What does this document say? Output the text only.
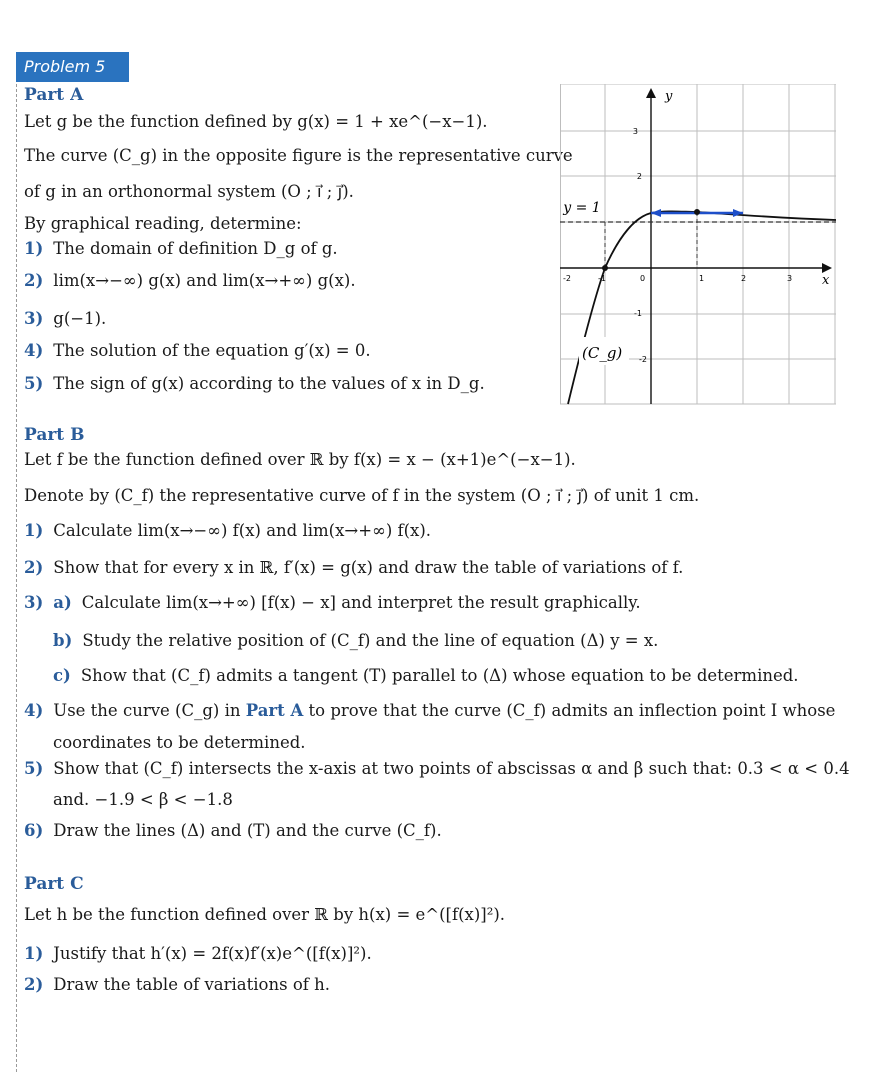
Problem 5
Part A
Let g be the function defined by g(x) = 1 + xe^(−x−1).
The curve (C_g) in the opposite figure is the representative curve
of g in an orthonormal system (O ; i⃗ ; j⃗).
By graphical reading, determine:
1) The domain of definition D_g of g.
2) lim(x→−∞) g(x) and lim(x→+∞) g(x).
3) g(−1).
4) The solution of the equation g′(x) = 0.
5) The sign of g(x) according to the values of x in D_g.
y = 1
y
x
3
2
-1
-2
-2	-1	0	1	2	3
(C_g)
Part B
Let f be the function defined over ℝ by f(x) = x − (x+1)e^(−x−1).
Denote by (C_f) the representative curve of f in the system (O ; i⃗ ; j⃗) of unit 1 cm.
1) Calculate lim(x→−∞) f(x) and lim(x→+∞) f(x).
2) Show that for every x in ℝ, f′(x) = g(x) and draw the table of variations of f.
3) a) Calculate lim(x→+∞) [f(x) − x] and interpret the result graphically.
b) Study the relative position of (C_f) and the line of equation (Δ) y = x.
c) Show that (C_f) admits a tangent (T) parallel to (Δ) whose equation to be determined.
4) Use the curve (C_g) in Part A to prove that the curve (C_f) admits an inflection point I whose
coordinates to be determined.
5) Show that (C_f) intersects the x-axis at two points of abscissas α and β such that: 0.3 < α < 0.4
and. −1.9 < β < −1.8
6) Draw the lines (Δ) and (T) and the curve (C_f).
Part C
Let h be the function defined over ℝ by h(x) = e^([f(x)]²).
1) Justify that h′(x) = 2f(x)f′(x)e^([f(x)]²).
2) Draw the table of variations of h.
